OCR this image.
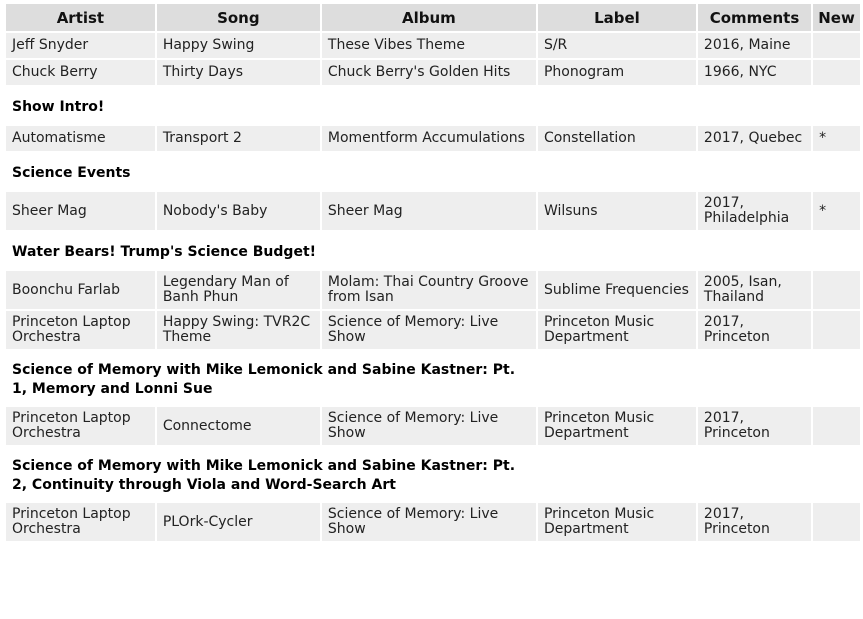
Artist	Song	Album	Label	Comments	New
Jeff Snyder	Happy Swing	These Vibes Theme	S/R	2016, Maine	
Chuck Berry	Thirty Days	Chuck Berry's Golden Hits	Phonogram	1966, NYC	
Show Intro!					
Automatisme	Transport 2	Momentform Accumulations	Constellation	2017, Quebec	*
Science Events					
Sheer Mag	Nobody's Baby	Sheer Mag	Wilsuns	2017, Philadelphia	*
Water Bears! Trump's Science Budget!					
Boonchu Farlab	Legendary Man of Banh Phun	Molam: Thai Country Groove from Isan	Sublime Frequencies	2005, Isan, Thailand	
Princeton Laptop Orchestra	Happy Swing: TVR2C Theme	Science of Memory: Live Show	Princeton Music Department	2017, Princeton	
Science of Memory with Mike Lemonick and Sabine Kastner: Pt. 1, Memory and Lonni Sue					
Princeton Laptop Orchestra	Connectome	Science of Memory: Live Show	Princeton Music Department	2017, Princeton	
Science of Memory with Mike Lemonick and Sabine Kastner: Pt. 2, Continuity through Viola and Word-Search Art					
Princeton Laptop Orchestra	PLOrk-Cycler	Science of Memory: Live Show	Princeton Music Department	2017, Princeton	
